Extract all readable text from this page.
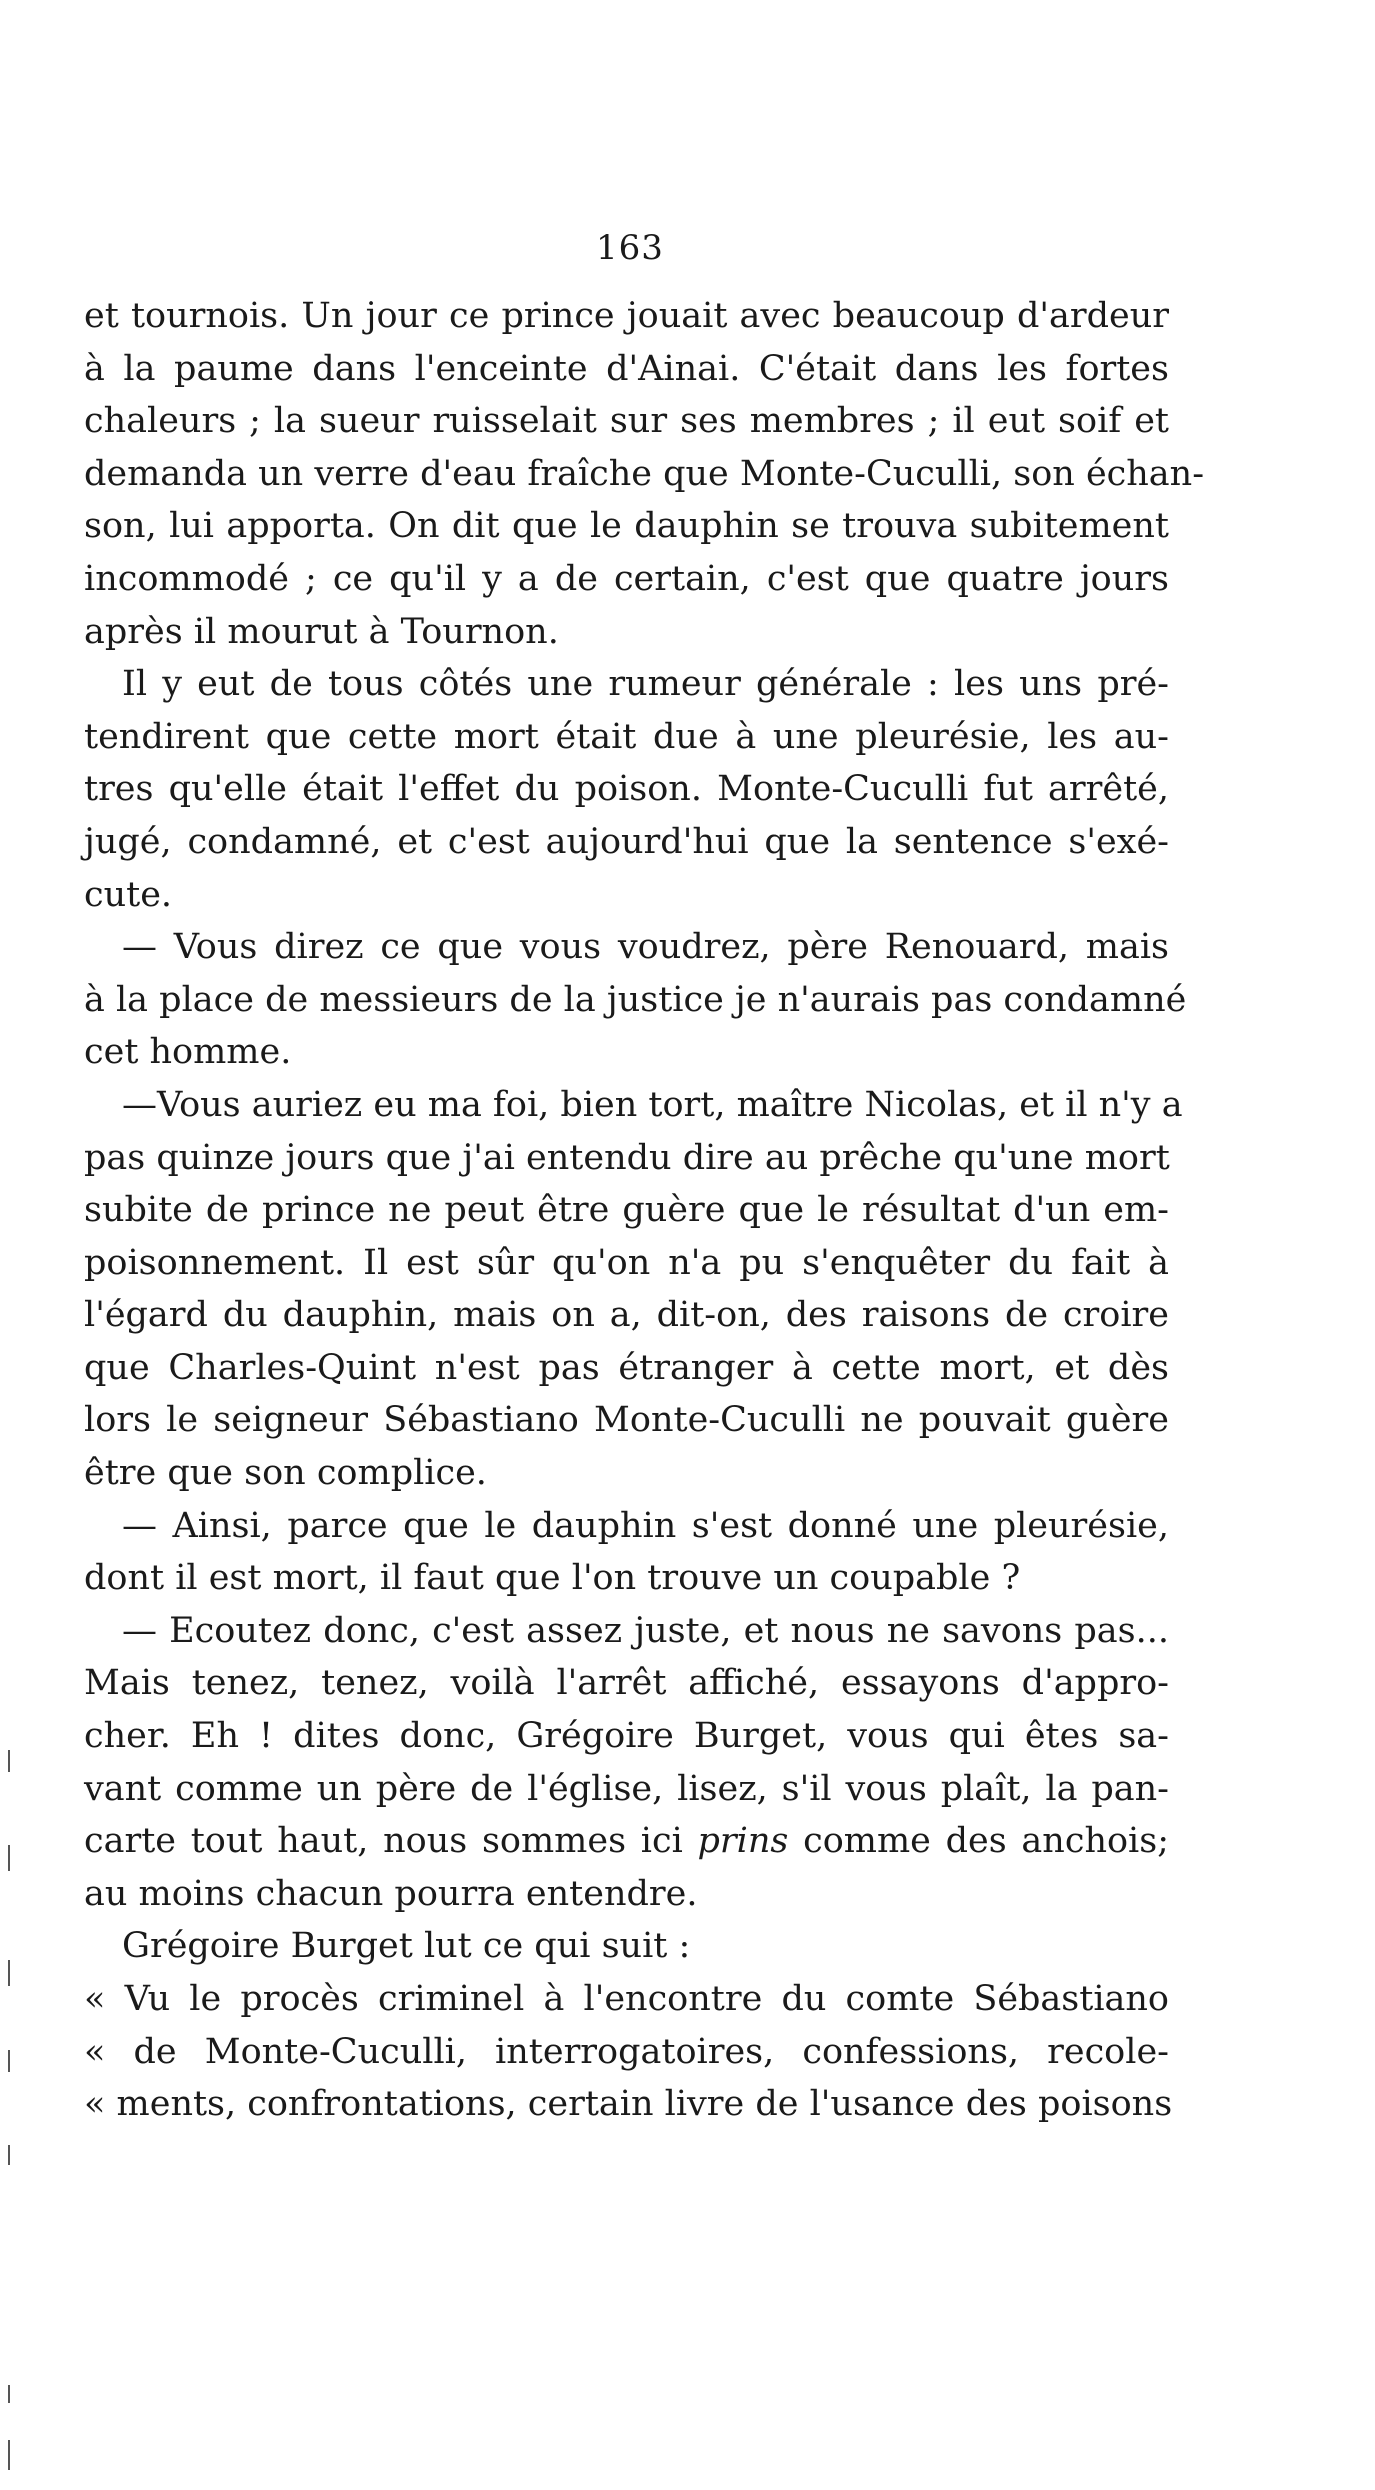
163
et tournois. Un jour ce prince jouait avec beaucoup d'ardeur
à la paume dans l'enceinte d'Ainai. C'était dans les fortes
chaleurs ; la sueur ruisselait sur ses membres ; il eut soif et
demanda un verre d'eau fraîche que Monte-Cuculli, son échan-
son, lui apporta. On dit que le dauphin se trouva subitement
incommodé ; ce qu'il y a de certain, c'est que quatre jours
après il mourut à Tournon.
Il y eut de tous côtés une rumeur générale : les uns pré-
tendirent que cette mort était due à une pleurésie, les au-
tres qu'elle était l'effet du poison. Monte-Cuculli fut arrêté,
jugé, condamné, et c'est aujourd'hui que la sentence s'exé-
cute.
— Vous direz ce que vous voudrez, père Renouard, mais
à la place de messieurs de la justice je n'aurais pas condamné
cet homme.
—Vous auriez eu ma foi, bien tort, maître Nicolas, et il n'y a
pas quinze jours que j'ai entendu dire au prêche qu'une mort
subite de prince ne peut être guère que le résultat d'un em-
poisonnement. Il est sûr qu'on n'a pu s'enquêter du fait à
l'égard du dauphin, mais on a, dit-on, des raisons de croire
que Charles-Quint n'est pas étranger à cette mort, et dès
lors le seigneur Sébastiano Monte-Cuculli ne pouvait guère
être que son complice.
— Ainsi, parce que le dauphin s'est donné une pleurésie,
dont il est mort, il faut que l'on trouve un coupable ?
— Ecoutez donc, c'est assez juste, et nous ne savons pas...
Mais tenez, tenez, voilà l'arrêt affiché, essayons d'appro-
cher. Eh ! dites donc, Grégoire Burget, vous qui êtes sa-
vant comme un père de l'église, lisez, s'il vous plaît, la pan-
carte tout haut, nous sommes ici prins comme des anchois;
au moins chacun pourra entendre.
Grégoire Burget lut ce qui suit :
« Vu le procès criminel à l'encontre du comte Sébastiano
« de Monte-Cuculli, interrogatoires, confessions, recole-
« ments, confrontations, certain livre de l'usance des poisons
